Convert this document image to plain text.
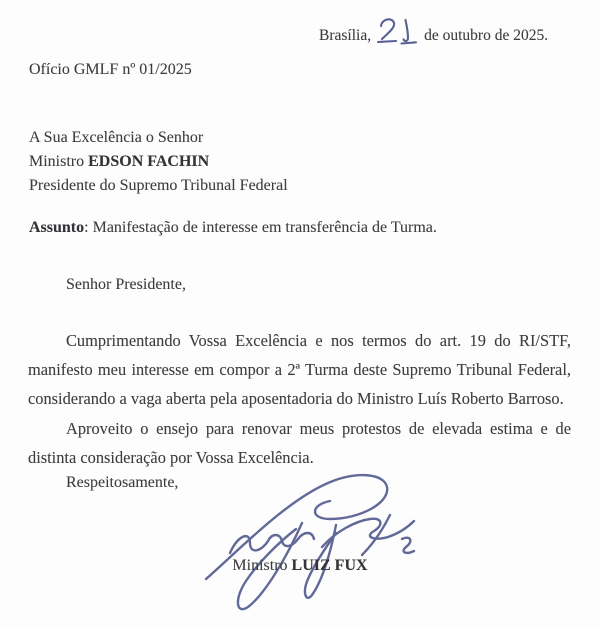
Brasília,	de outubro de 2025.
Ofício GMLF nº 01/2025
A Sua Excelência o Senhor
Ministro EDSON FACHIN
Presidente do Supremo Tribunal Federal
Assunto: Manifestação de interesse em transferência de Turma.
Senhor Presidente,

Cumprimentando Vossa Excelência e nos termos do art. 19 do RI/STF, manifesto meu interesse em compor a 2ª Turma deste Supremo Tribunal Federal, considerando a vaga aberta pela aposentadoria do Ministro Luís Roberto Barroso.

Aproveito o ensejo para renovar meus protestos de elevada estima e de distinta consideração por Vossa Excelência.

Respeitosamente,
Ministro LUIZ FUX
